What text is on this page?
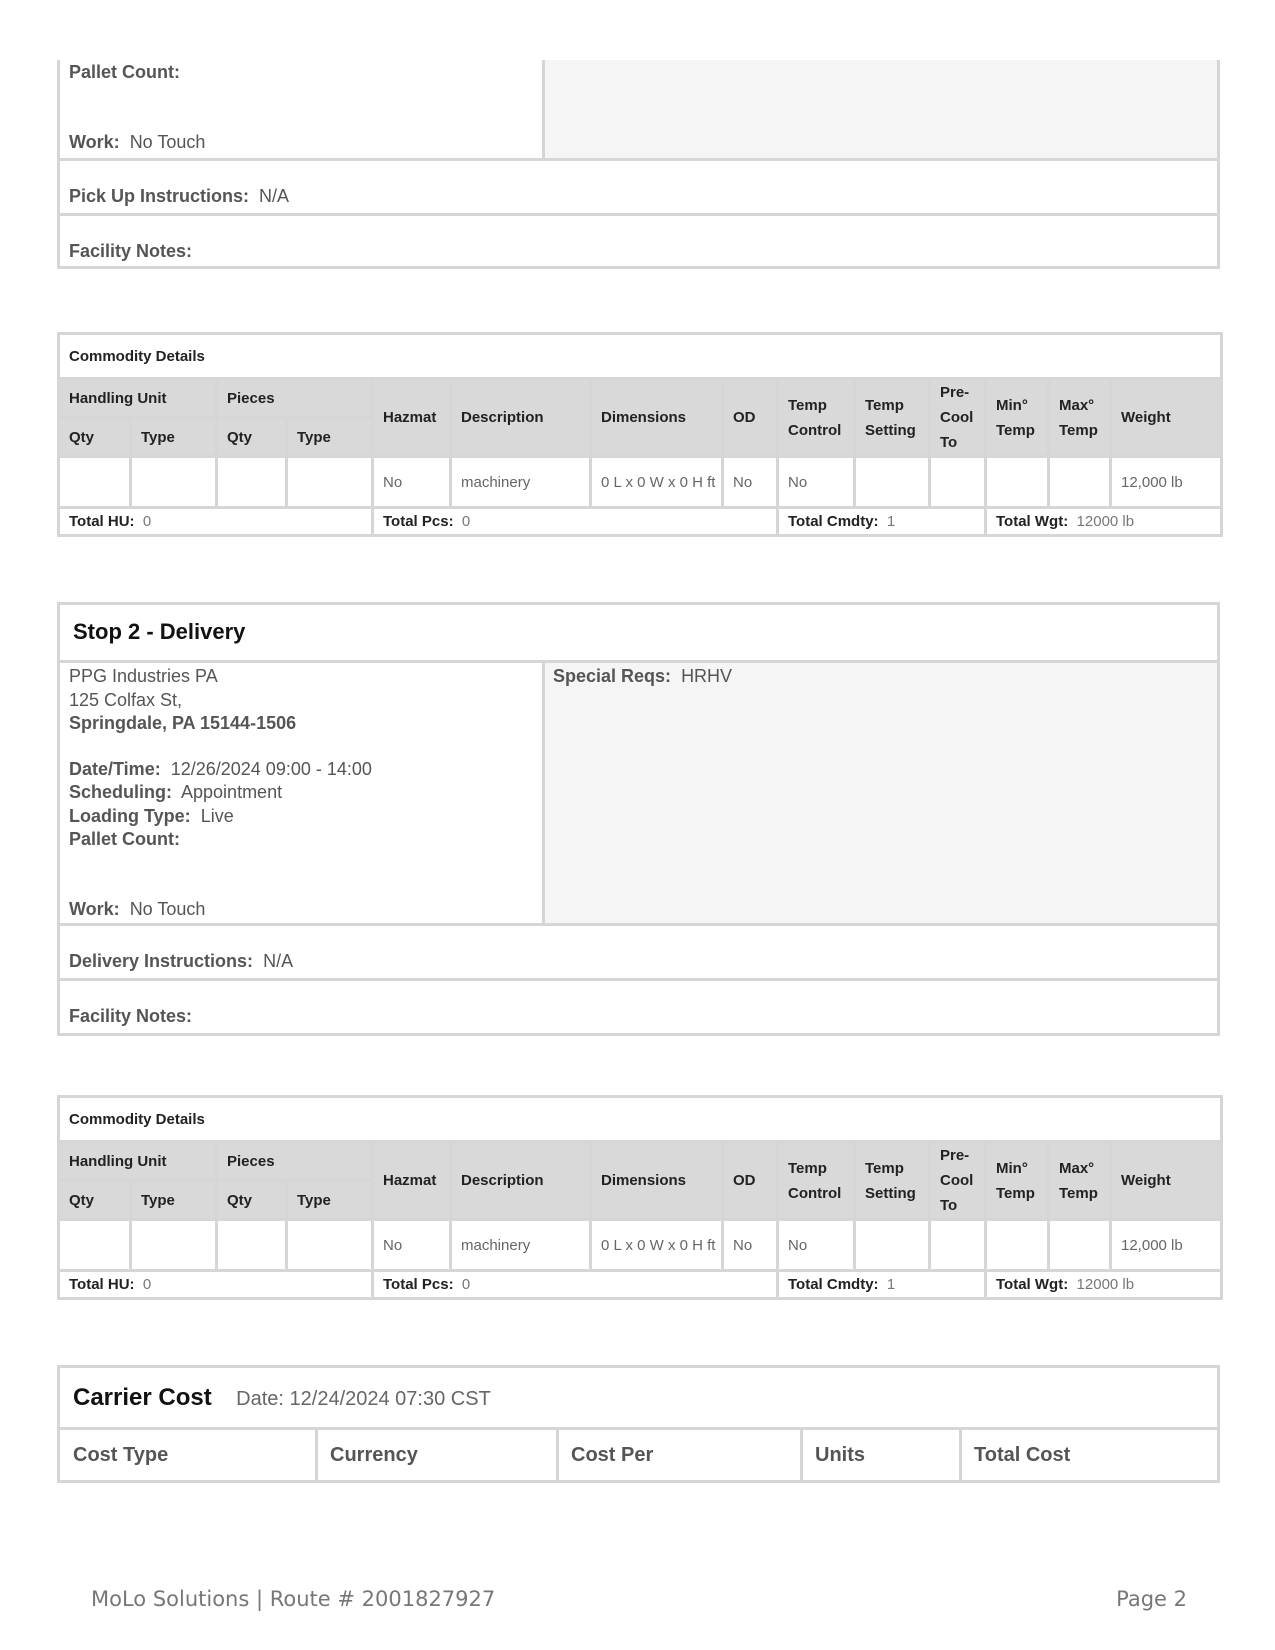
Pallet Count:
Work: No Touch
Pick Up Instructions: N/A
Facility Notes:
Commodity Details													
Handling Unit		Pieces		Hazmat	Description	Dimensions	OD	Temp Control	Temp Setting	Pre-Cool To	Min° Temp	Max° Temp	Weight
Qty	Type	Qty	Type										
				No	machinery	0 L x 0 W x 0 H ft	No	No					12,000 lb
Total HU: 0				Total Pcs: 0				Total Cmdty: 1			Total Wgt: 12000 lb		
Stop 2 - Delivery
Special Reqs: HRHV
PPG Industries PA
125 Colfax St,
Springdale, PA 15144-1506
Date/Time: 12/26/2024 09:00 - 14:00
Scheduling: Appointment
Loading Type: Live
Pallet Count:
Work: No Touch
Delivery Instructions: N/A
Facility Notes:
Commodity Details													
Handling Unit		Pieces		Hazmat	Description	Dimensions	OD	Temp Control	Temp Setting	Pre-Cool To	Min° Temp	Max° Temp	Weight
Qty	Type	Qty	Type										
				No	machinery	0 L x 0 W x 0 H ft	No	No					12,000 lb
Total HU: 0				Total Pcs: 0				Total Cmdty: 1			Total Wgt: 12000 lb		
Carrier Cost Date: 12/24/2024 07:30 CST
Cost Type	Currency	Cost Per	Units	Total Cost
MoLo Solutions | Route # 2001827927	Page 2
